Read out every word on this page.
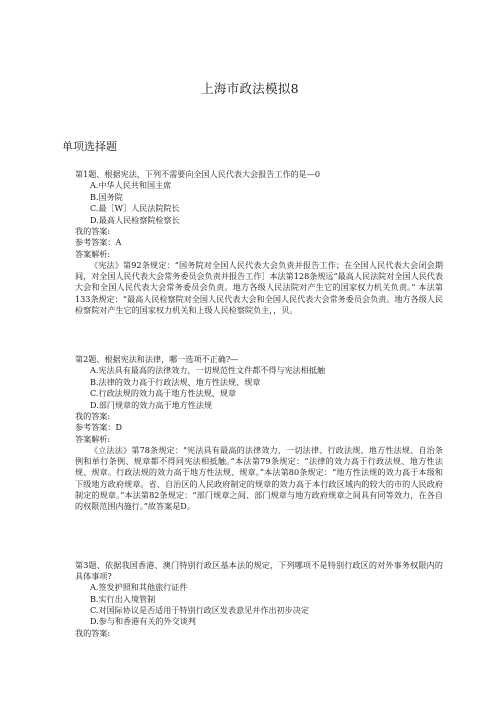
上海市政法模拟8
单项选择题

第1题、根据宪法，下列不需要向全国人民代表大会报告工作的是—0

A.中华人民共和国主席

B.国务院

C.最［W］人民法院院长

D.最高人民检察院检察长

我的答案:

参考答案：A

答案解析:

《宪法》第92条规定：“国务院对全国人民代表大会负责并报告工作；在全国人民代表大会闭会期间，对全国人民代表大会常务委员会负责并报告工作］本法第128条规远“最高人民法院对全国人民代表大会和全国人民代表大会常务委员会负责。地方各级人民法院对产生它的国家权力机关负责。” 本法第133条规定：“最高人民检察院对全国人民代表大会和全国人民代表大会常务委员会负责。地方各级人民检察院对产生它的国家权力机关和上级人民检察院负主，，贝。

第2题、根据宪法和法律，哪一选项不正确?—

A.宪法具有最高的法律效力，一切规范性文件都不得与宪法相抵触

B.法律的效力高于行政法规、地方性法规、规章

C.行政法规的效力高于地方性法规、规章

D.部门规章的效力高于地方性法规

我的答案:

参考答案：D

答案解析:

《立法法》第78条规定："宪法具有最高的法律效力，一切法律、行政法规、地方性法规、自治条例和单行条例、规章都不得同宪法相抵触。”本法第79条规定：“法律的效力高于行政法规、地方性法规、规章。行政法规的效力高于地方性法规、规章。”本法第80条规定：“地方性法规的效力高于本级和下级地方政府规章。省、自治区的人民政府制定的规章的效力高于本行政区域内的较大的市的人民政府制定的规章。”本法第82条规定：“部门规章之间、部门规章与地方政府规章之间具有同等效力，在各自的权限范围内施行。”故答案是D。

第3题、依据我国香港、澳门特别行政区基本法的规定，下列哪项不是特别行政区的对外事务权限内的具体事项?

A.签发护照和其他旅行证件

B.实行出入境管制

C.对国际协议是否适用于特别行政区发表意见并作出初步决定

D.参与和香港有关的外交谈判

我的答案:
